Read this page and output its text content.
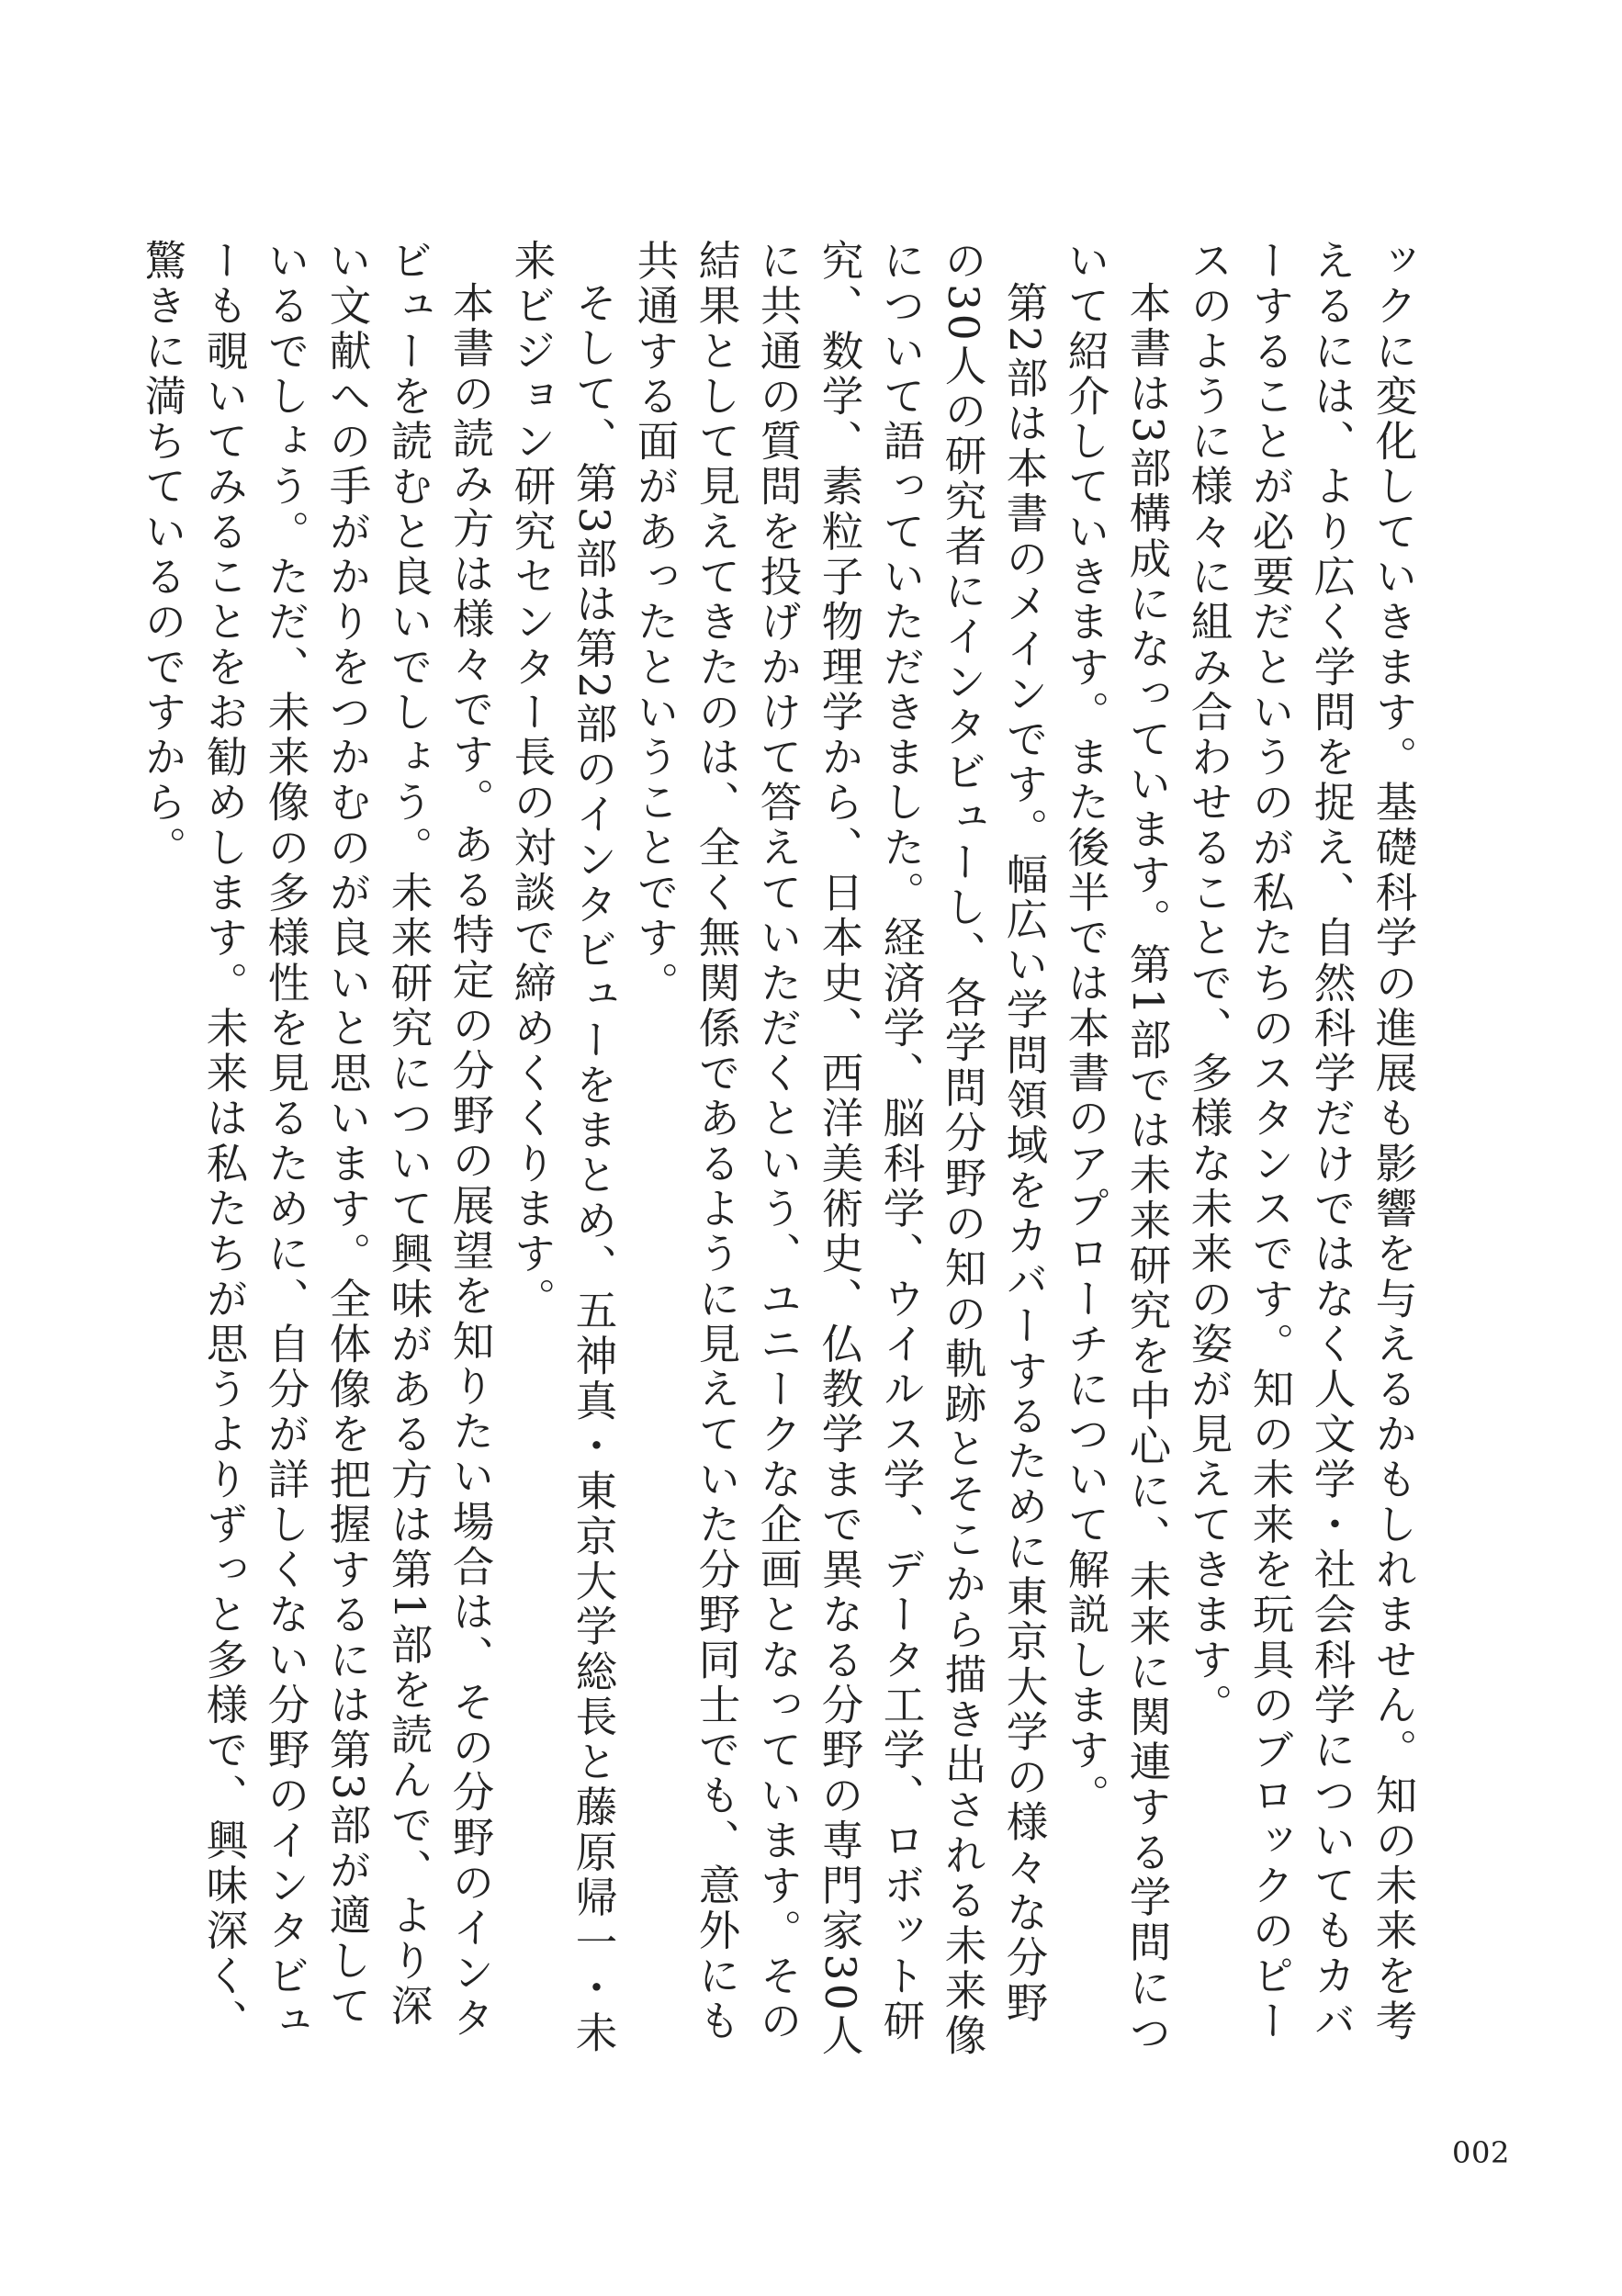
ックに変化していきます。基礎科学の進展も影響を与えるかもしれません。知の未来を考えるには、より広く学問を捉え、自然科学だけではなく人文学・社会科学についてもカバーすることが必要だというのが私たちのスタンスです。知の未来を玩具のブロックのピースのように様々に組み合わせることで、多様な未来の姿が見えてきます。

本書は3部構成になっています。第1部では未来研究を中心に、未来に関連する学問について紹介していきます。また後半では本書のアプローチについて解説します。

第2部は本書のメインです。幅広い学問領域をカバーするために東京大学の様々な分野の30人の研究者にインタビューし、各学問分野の知の軌跡とそこから描き出される未来像について語っていただきました。経済学、脳科学、ウイルス学、データ工学、ロボット研究、数学、素粒子物理学から、日本史、西洋美術史、仏教学まで異なる分野の専門家30人に共通の質問を投げかけて答えていただくという、ユニークな企画となっています。その結果として見えてきたのは、全く無関係であるように見えていた分野同士でも、意外にも共通する面があったということです。

そして、第3部は第2部のインタビューをまとめ、五神真・東京大学総長と藤原帰一・未来ビジョン研究センター長の対談で締めくくります。

本書の読み方は様々です。ある特定の分野の展望を知りたい場合は、その分野のインタビューを読むと良いでしょう。未来研究について興味がある方は第1部を読んで、より深い文献への手がかりをつかむのが良いと思います。全体像を把握するには第3部が適しているでしょう。ただ、未来像の多様性を見るために、自分が詳しくない分野のインタビューも覗いてみることをお勧めします。未来は私たちが思うよりずっと多様で、興味深く、驚きに満ちているのですから。

002
